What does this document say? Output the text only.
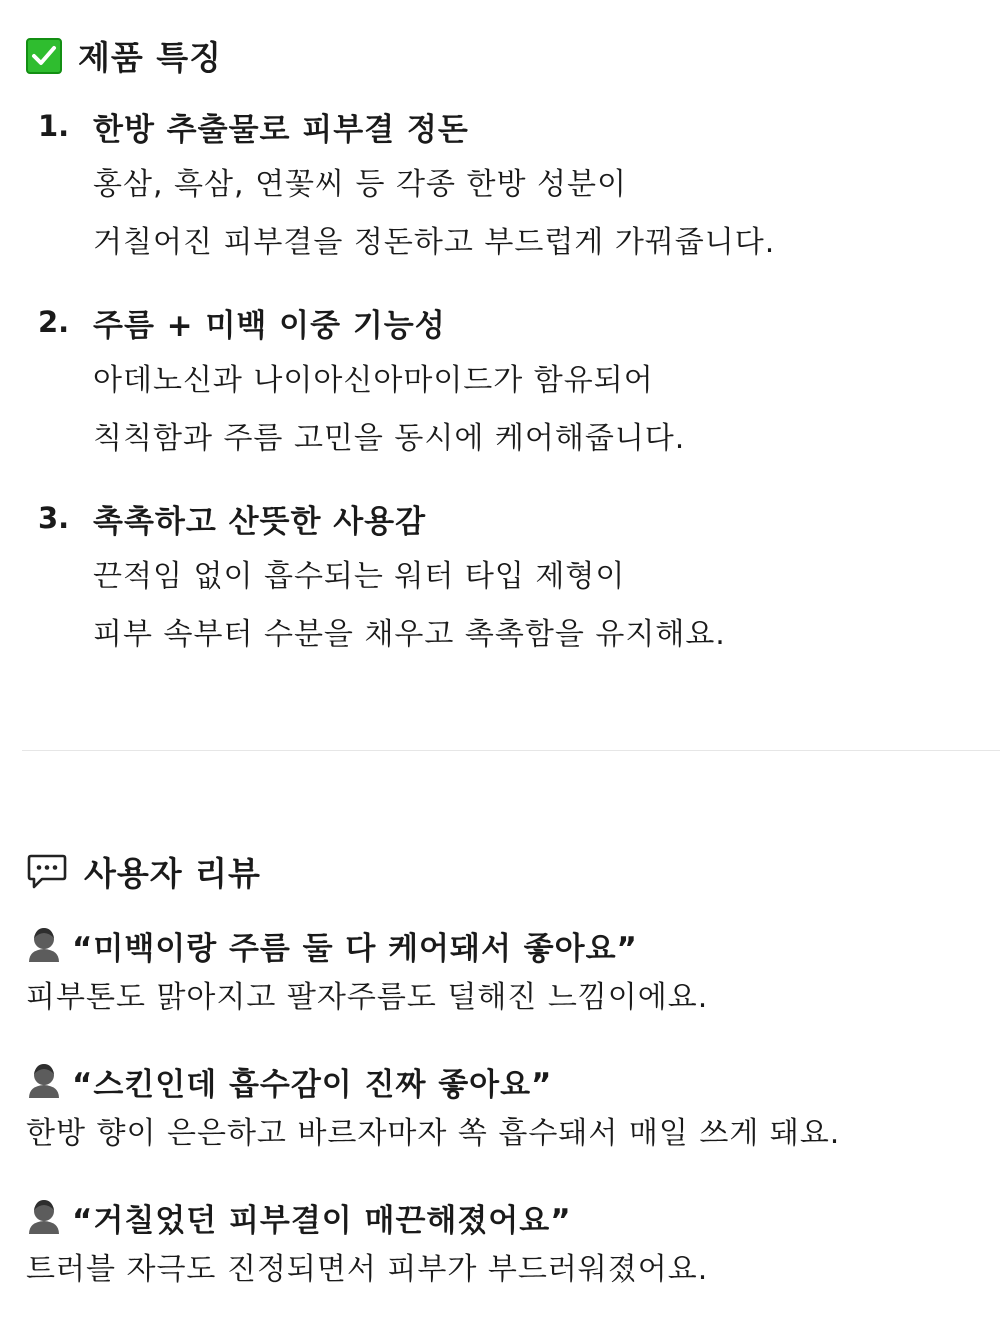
제품 특징
1. 한방 추출물로 피부결 정돈
홍삼, 흑삼, 연꽃씨 등 각종 한방 성분이
거칠어진 피부결을 정돈하고 부드럽게 가꿔줍니다.
2. 주름 + 미백 이중 기능성
아데노신과 나이아신아마이드가 함유되어
칙칙함과 주름 고민을 동시에 케어해줍니다.
3. 촉촉하고 산뜻한 사용감
끈적임 없이 흡수되는 워터 타입 제형이
피부 속부터 수분을 채우고 촉촉함을 유지해요.
사용자 리뷰
“미백이랑 주름 둘 다 케어돼서 좋아요”
피부톤도 맑아지고 팔자주름도 덜해진 느낌이에요.
“스킨인데 흡수감이 진짜 좋아요”
한방 향이 은은하고 바르자마자 쏙 흡수돼서 매일 쓰게 돼요.
“거칠었던 피부결이 매끈해졌어요”
트러블 자극도 진정되면서 피부가 부드러워졌어요.
